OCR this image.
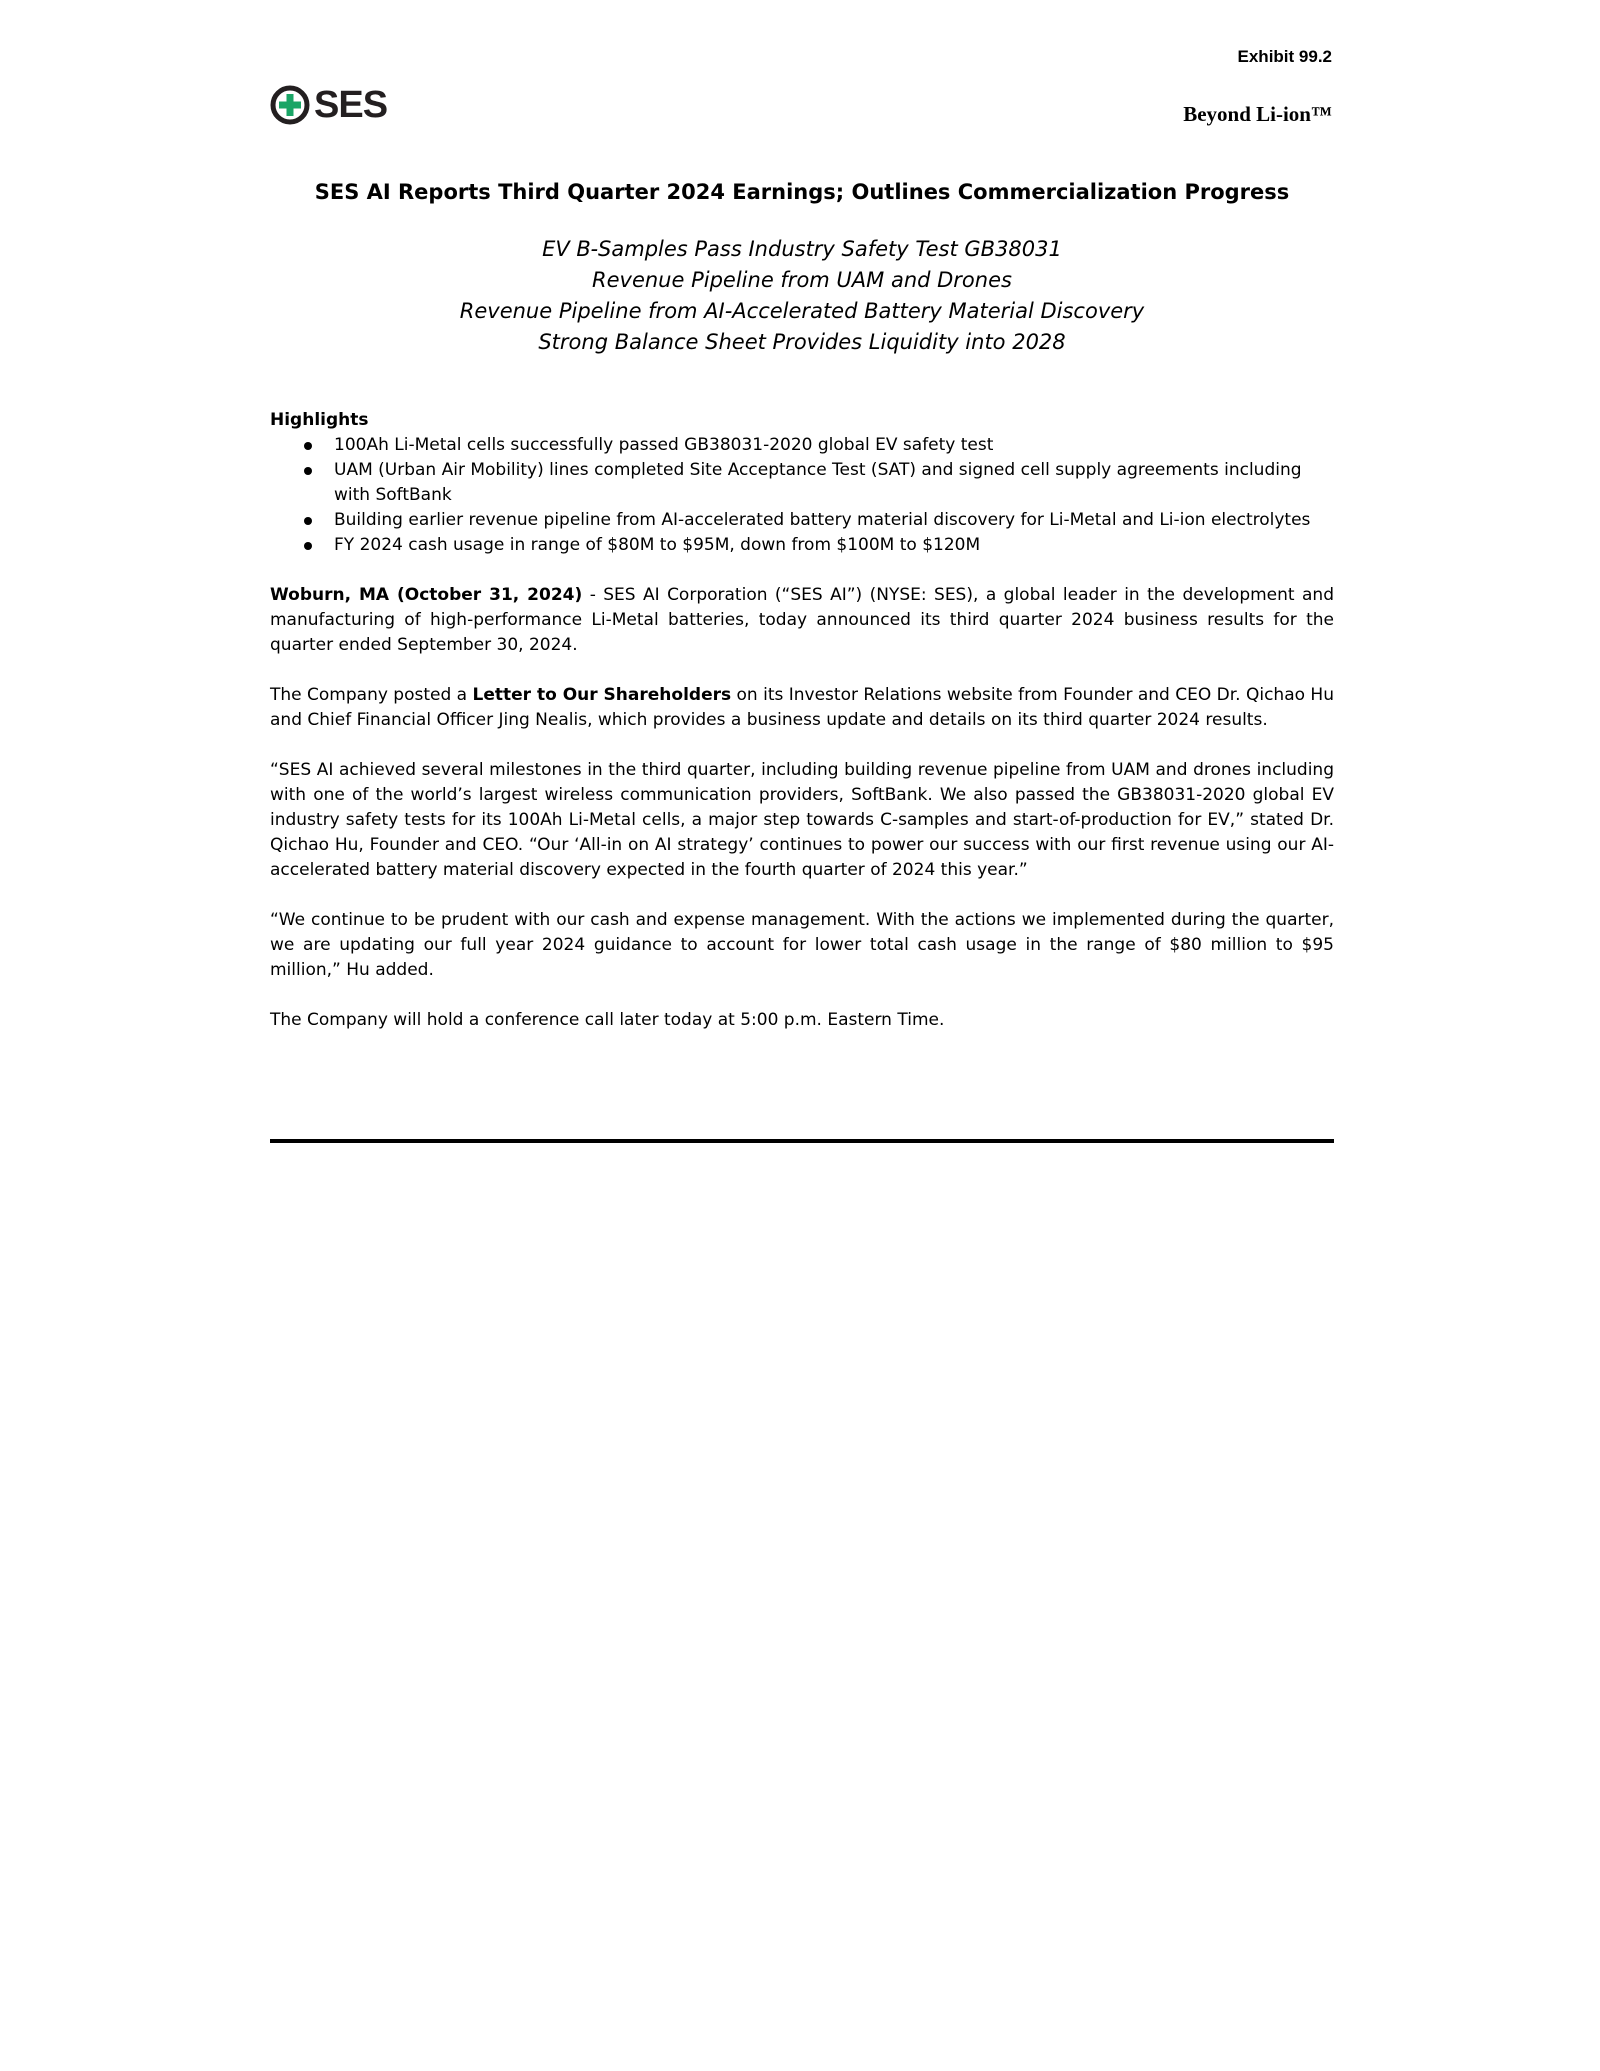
Exhibit 99.2
SES	Beyond Li-ion™
SES AI Reports Third Quarter 2024 Earnings; Outlines Commercialization Progress
EV B-Samples Pass Industry Safety Test GB38031
Revenue Pipeline from UAM and Drones
Revenue Pipeline from AI-Accelerated Battery Material Discovery
Strong Balance Sheet Provides Liquidity into 2028
Highlights
100Ah Li-Metal cells successfully passed GB38031-2020 global EV safety test
UAM (Urban Air Mobility) lines completed Site Acceptance Test (SAT) and signed cell supply agreements including with SoftBank
Building earlier revenue pipeline from AI-accelerated battery material discovery for Li-Metal and Li-ion electrolytes
FY 2024 cash usage in range of $80M to $95M, down from $100M to $120M

Woburn, MA (October 31, 2024) - SES AI Corporation (“SES AI”) (NYSE: SES), a global leader in the development and manufacturing of high-performance Li-Metal batteries, today announced its third quarter 2024 business results for the quarter ended September 30, 2024.

The Company posted a Letter to Our Shareholders on its Investor Relations website from Founder and CEO Dr. Qichao Hu and Chief Financial Officer Jing Nealis, which provides a business update and details on its third quarter 2024 results.

“SES AI achieved several milestones in the third quarter, including building revenue pipeline from UAM and drones including with one of the world’s largest wireless communication providers, SoftBank. We also passed the GB38031-2020 global EV industry safety tests for its 100Ah Li-Metal cells, a major step towards C-samples and start-of-production for EV,” stated Dr. Qichao Hu, Founder and CEO. “Our ‘All-in on AI strategy’ continues to power our success with our first revenue using our AI-accelerated battery material discovery expected in the fourth quarter of 2024 this year.”

“We continue to be prudent with our cash and expense management. With the actions we implemented during the quarter, we are updating our full year 2024 guidance to account for lower total cash usage in the range of $80 million to $95 million,” Hu added.

The Company will hold a conference call later today at 5:00 p.m. Eastern Time.
